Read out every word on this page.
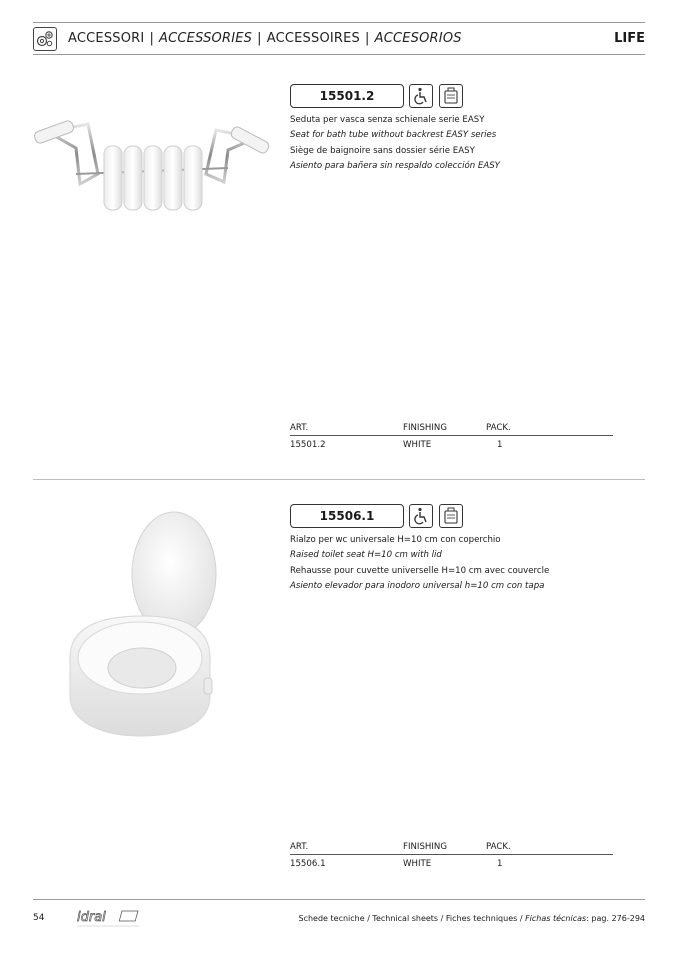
ACCESSORI | ACCESSORIES | ACCESSOIRES | ACCESORIOS	LIFE
15501.2
Seduta per vasca senza schienale serie EASY
Seat for bath tube without backrest EASY series
Siège de baignoire sans dossier série EASY
Asiento para bañera sin respaldo colección EASY
ART.	FINISHING	PACK.
15501.2	WHITE	1
15506.1
Rialzo per wc universale H=10 cm con coperchio
Raised toilet seat H=10 cm with lid
Rehausse pour cuvette universelle H=10 cm avec couvercle
Asiento elevador para inodoro universal h=10 cm con tapa
ART.	FINISHING	PACK.
15506.1	WHITE	1
54	idral	Schede tecniche / Technical sheets / Fiches techniques / Fichas técnicas: pag. 276-294
